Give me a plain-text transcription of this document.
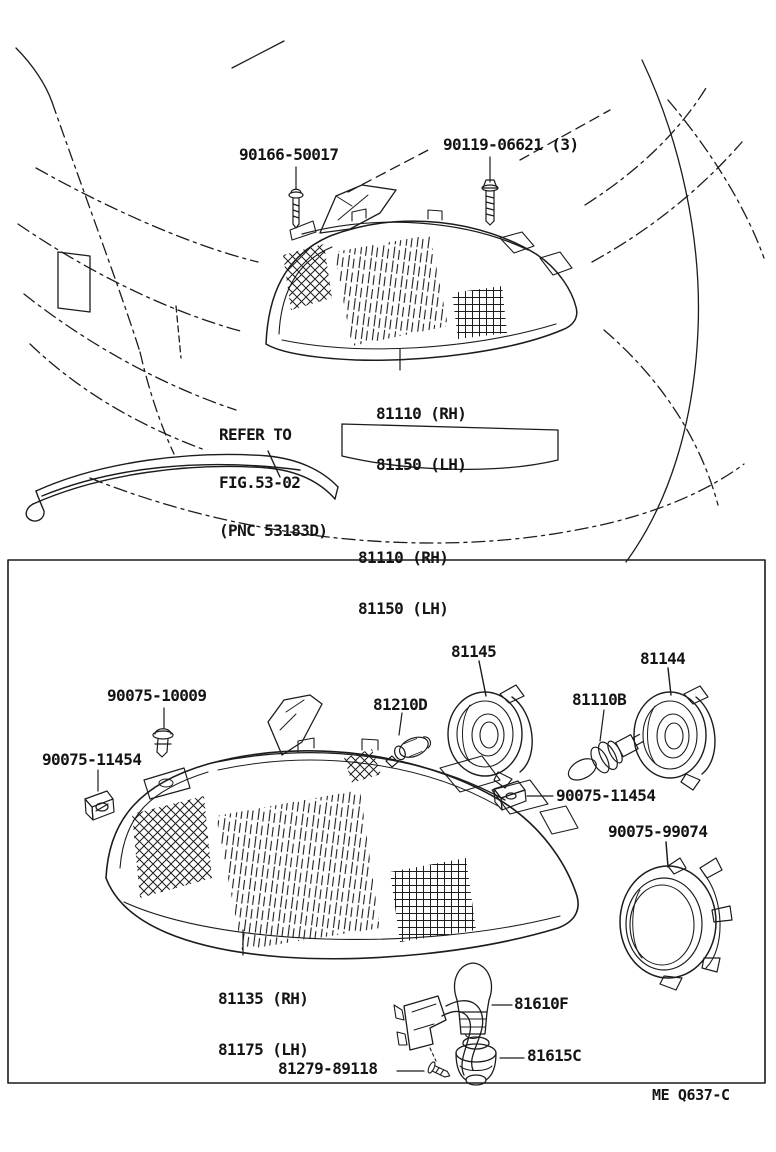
90166-50017
90119-06621 (3)

81110 (RH)

81150 (LH)

REFER TO

FIG.53-02

(PNC 53183D)

81110 (RH)

81150 (LH)

90075-10009	81210D
81145
81110B
81144
90075-11454
90075-11454
90075-99074

81135 (RH)

81175 (LH)

81610F
81615C
81279-89118
ME Q637-C
